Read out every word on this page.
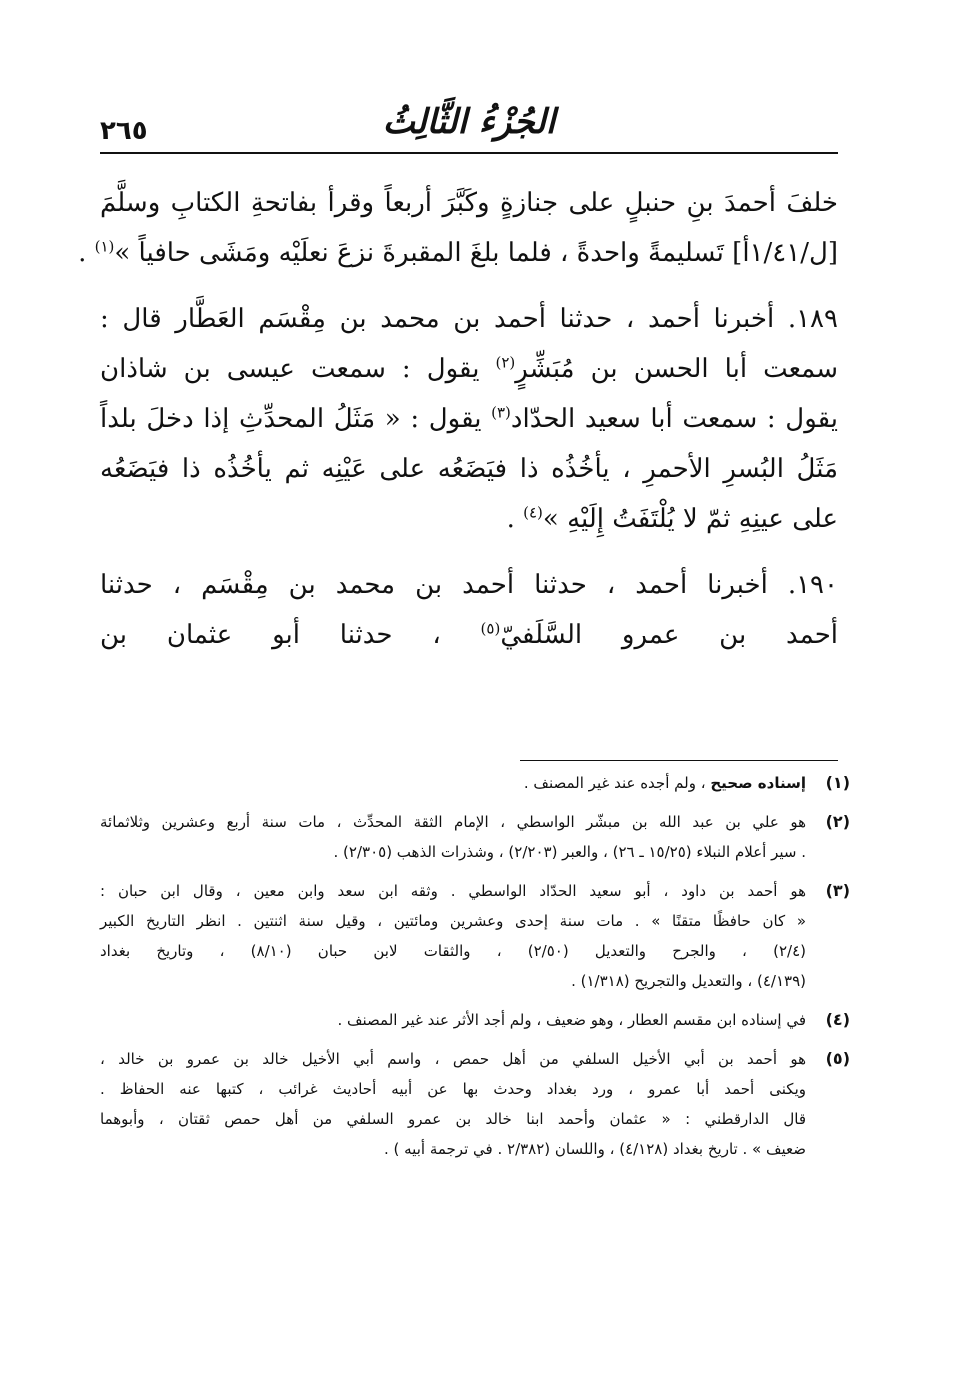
الجُزْءُ الثَّالِثُ
٢٦٥
خلفَ أحمدَ بنِ حنبلٍ على جنازةٍ وكَبَّرَ أربعاً وقرأ بفاتحةِ الكتابِ وسلَّمَ
[ل/١/٤١أ] تَسليمةً واحدةً ، فلما بلغَ المقبرةَ نزعَ نعلَيْه ومَشَى حافياً »$^{(١)}$ .
١٨٩. أخبرنا أحمد ، حدثنا أحمد بن محمد بن مِقْسَم العَطَّار قال :
سمعت أبا الحسن بن مُبَشِّرٍ$^{(٢)}$ يقول : سمعت عيسى بن شاذان
يقول : سمعت أبا سعيد الحدّاد$^{(٣)}$ يقول : « مَثَلُ المحدِّثِ إذا دخلَ بلداً
مَثَلُ البُسرِ الأحمرِ ، يأخُذُه ذا فيَضَعُه على عَيْنِه ثم يأخُذُه ذا فيَضَعُه
على عينِهِ ثمّ لا يُلْتَفَتُ إِلَيْهِ »$^{(٤)}$ .
١٩٠. أخبرنا أحمد ، حدثنا أحمد بن محمد بن مِقْسَم ، حدثنا
أحمد بن عمرو السَّلَفيّ$^{(٥)}$ ، حدثنا أبو عثمان بن
(١)
إسناده صحيح ، ولم أجده عند غير المصنف .
(٢)
هو علي بن عبد الله بن مبشّر الواسطي ، الإمام الثقة المحدِّث ، مات سنة أربع وعشرين وثلاثمائة
. سير أعلام النبلاء (١٥/٢٥ ـ ٢٦) ، والعبر (٢/٢٠٣) ، وشذرات الذهب (٢/٣٠٥) .
(٣)
هو أحمد بن داود ، أبو سعيد الحدّاد الواسطي . وثقه ابن سعد وابن معين ، وقال ابن حبان :
« كان حافظًا متقنًا » . مات سنة إحدى وعشرين ومائتين ، وقيل سنة اثنتين . انظر التاريخ الكبير
(٢/٤) ، والجرح والتعديل (٢/٥٠) ، والثقات لابن حبان (٨/١٠) ، وتاريخ بغداد
(٤/١٣٩) ، والتعديل والتجريح (١/٣١٨) .
(٤)
في إسناده ابن مقسم العطار ، وهو ضعيف ، ولم أجد الأثر عند غير المصنف .
(٥)
هو أحمد بن أبي الأخيل السلفي من أهل حمص ، واسم أبي الأخيل خالد بن عمرو بن خالد ،
ويكنى أحمد أبا عمرو ، ورد بغداد وحدث بها عن أبيه أحاديث غرائب ، كتبها عنه الحفاظ .
قال الدارقطني : « عثمان وأحمد ابنا خالد بن عمرو السلفي من أهل حمص ثقتان ، وأبوهما
ضعيف » . تاريخ بغداد (٤/١٢٨) ، واللسان (٢/٣٨٢ . في ترجمة أبيه ) .
